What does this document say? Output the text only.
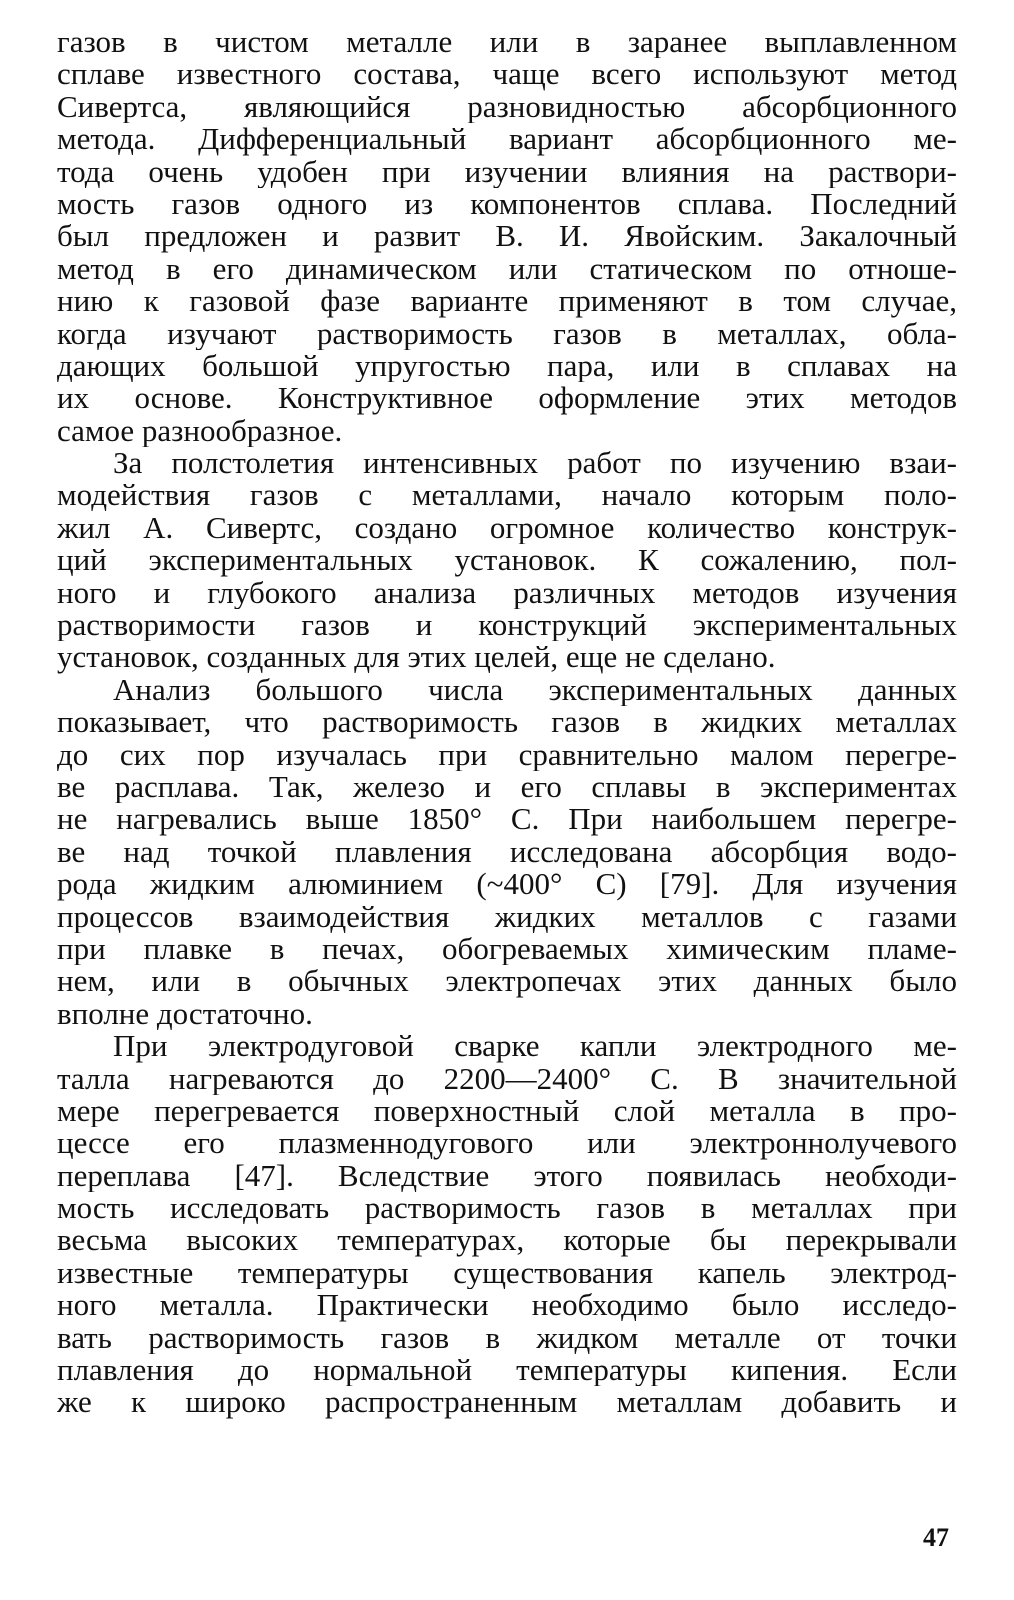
газов в чистом металле или в заранее выплавленном
сплаве известного состава, чаще всего используют метод
Сивертса, являющийся разновидностью абсорбционного
метода. Дифференциальный вариант абсорбционного ме-
тода очень удобен при изучении влияния на раствори-
мость газов одного из компонентов сплава. Последний
был предложен и развит В. И. Явойским. Закалочный
метод в его динамическом или статическом по отноше-
нию к газовой фазе варианте применяют в том случае,
когда изучают растворимость газов в металлах, обла-
дающих большой упругостью пара, или в сплавах на
их основе. Конструктивное оформление этих методов
самое разнообразное.
За полстолетия интенсивных работ по изучению взаи-
модействия газов с металлами, начало которым поло-
жил А. Сивертс, создано огромное количество конструк-
ций экспериментальных установок. К сожалению, пол-
ного и глубокого анализа различных методов изучения
растворимости газов и конструкций экспериментальных
установок, созданных для этих целей, еще не сделано.
Анализ большого числа экспериментальных данных
показывает, что растворимость газов в жидких металлах
до сих пор изучалась при сравнительно малом перегре-
ве расплава. Так, железо и его сплавы в экспериментах
не нагревались выше 1850° С. При наибольшем перегре-
ве над точкой плавления исследована абсорбция водо-
рода жидким алюминием (~400° С) [79]. Для изучения
процессов взаимодействия жидких металлов с газами
при плавке в печах, обогреваемых химическим пламе-
нем, или в обычных электропечах этих данных было
вполне достаточно.
При электродуговой сварке капли электродного ме-
талла нагреваются до 2200—2400° С. В значительной
мере перегревается поверхностный слой металла в про-
цессе его плазменнодугового или электроннолучевого
переплава [47]. Вследствие этого появилась необходи-
мость исследовать растворимость газов в металлах при
весьма высоких температурах, которые бы перекрывали
известные температуры существования капель электрод-
ного металла. Практически необходимо было исследо-
вать растворимость газов в жидком металле от точки
плавления до нормальной температуры кипения. Если
же к широко распространенным металлам добавить и
47
